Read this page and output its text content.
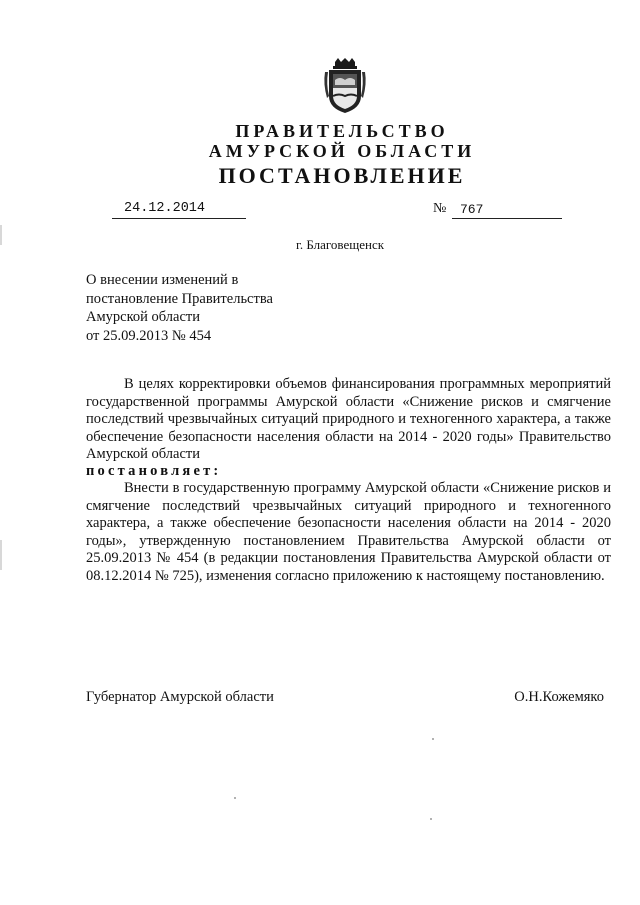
ПРАВИТЕЛЬСТВО
АМУРСКОЙ ОБЛАСТИ
ПОСТАНОВЛЕНИЕ
24.12.2014	№ 767
г. Благовещенск
О внесении изменений в
постановление Правительства
Амурской области
от 25.09.2013 № 454
В целях корректировки объемов финансирования программных мероприятий государственной программы Амурской области «Снижение рисков и смягчение последствий чрезвычайных ситуаций природного и техногенного характера, а также обеспечение безопасности населения области на 2014 - 2020 годы» Правительство Амурской области
постановляет:
Внести в государственную программу Амурской области «Снижение рисков и смягчение последствий чрезвычайных ситуаций природного и техногенного характера, а также обеспечение безопасности населения области на 2014 - 2020 годы», утвержденную постановлением Правительства Амурской области от 25.09.2013 № 454 (в редакции постановления Правительства Амурской области от 08.12.2014 № 725), изменения согласно приложению к настоящему постановлению.
Губернатор Амурской области	О.Н.Кожемяко
